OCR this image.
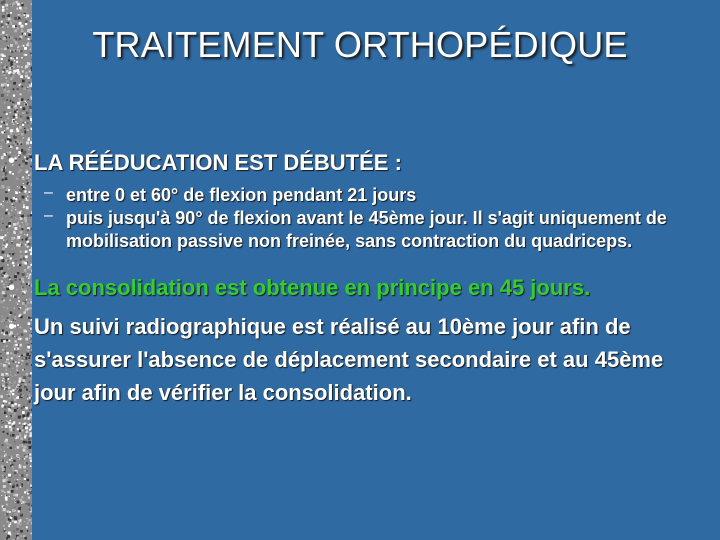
TRAITEMENT ORTHOPÉDIQUE
• LA RÉÉDUCATION EST DÉBUTÉE :
– entre 0 et 60° de flexion pendant 21 jours
– puis jusqu'à 90° de flexion avant le 45ème jour. Il s'agit uniquement de mobilisation passive non freinée, sans contraction du quadriceps.
• La consolidation est obtenue en principe en 45 jours.
• Un suivi radiographique est réalisé au 10ème jour afin de s'assurer l'absence de déplacement secondaire et au 45ème jour afin de vérifier la consolidation.
